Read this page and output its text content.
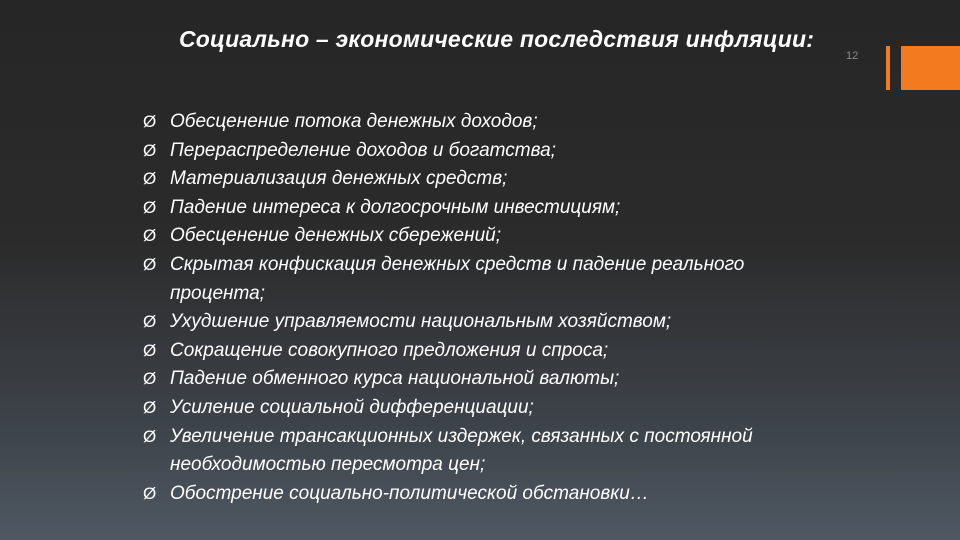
Социально – экономические последствия инфляции:
Ø Обесценение потока денежных доходов;
Ø Перераспределение доходов и богатства;
Ø Материализация денежных средств;
Ø Падение интереса к долгосрочным инвестициям;
Ø Обесценение денежных сбережений;
Ø Скрытая конфискация денежных средств и падение реального процента;
Ø Ухудшение управляемости национальным хозяйством;
Ø Сокращение совокупного предложения и спроса;
Ø Падение обменного курса национальной валюты;
Ø Усиление социальной дифференциации;
Ø Увеличение трансакционных издержек, связанных с постоянной необходимостью пересмотра цен;
Ø Обострение социально-политической обстановки…
12
